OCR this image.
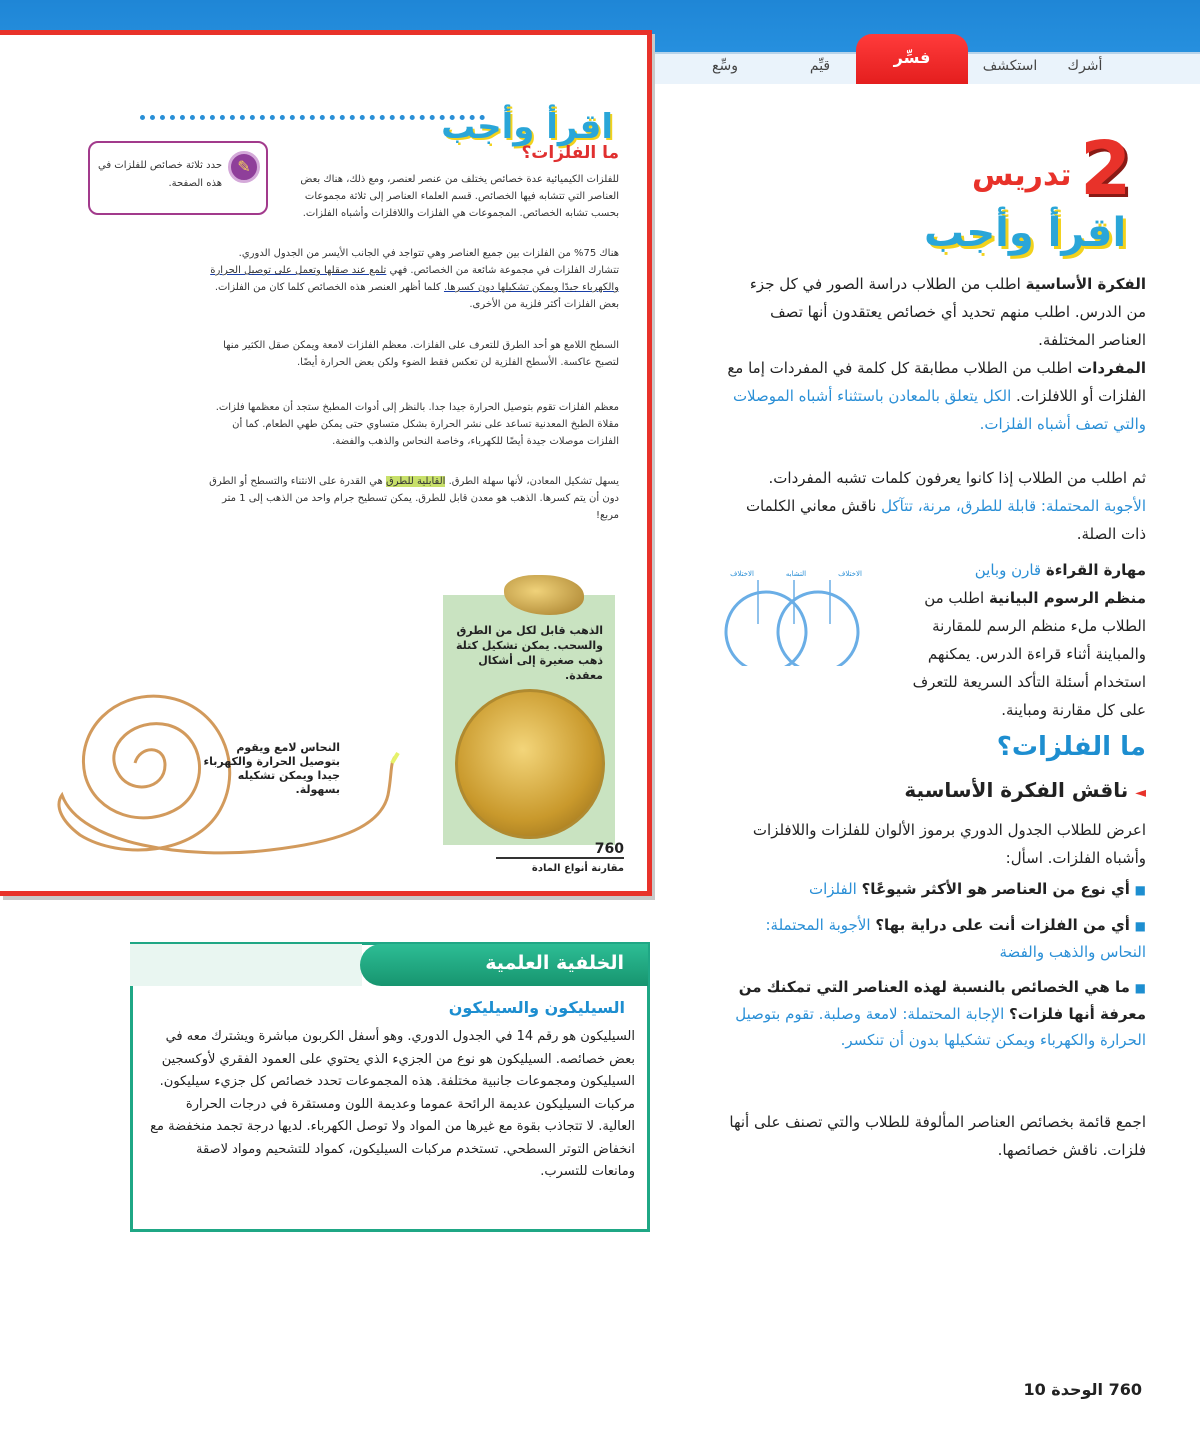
أشرك
استكشف
فسِّر
قيِّم
وسِّع
اقرأ وأجب
ما الفلزات؟
✎
حدد ثلاثة خصائص للفلزات في هذه الصفحة.	للفلزات الكيميائية عدة خصائص يختلف من عنصر لعنصر، ومع ذلك، هناك بعض العناصر التي تتشابه فيها الخصائص. قسم العلماء العناصر إلى ثلاثة مجموعات بحسب تشابه الخصائص. المجموعات هي الفلزات واللافلزات وأشباه الفلزات.
هناك 75% من الفلزات بين جميع العناصر وهي تتواجد في الجانب الأيسر من الجدول الدوري. تتشارك الفلزات في مجموعة شائعة من الخصائص. فهي تلمع عند صقلها وتعمل على توصيل الحرارة والكهرباء جيدًا ويمكن تشكيلها دون كسرها. كلما أظهر العنصر هذه الخصائص كلما كان من الفلزات. بعض الفلزات أكثر فلزية من الأخرى.
السطح اللامع هو أحد الطرق للتعرف على الفلزات. معظم الفلزات لامعة ويمكن صقل الكثير منها لتصبح عاكسة. الأسطح الفلزية لن تعكس فقط الضوء ولكن بعض الحرارة أيضًا.
معظم الفلزات تقوم بتوصيل الحرارة جيدا جدا. بالنظر إلى أدوات المطبخ ستجد أن معظمها فلزات. مقلاة الطبخ المعدنية تساعد على نشر الحرارة بشكل متساوي حتى يمكن طهي الطعام. كما أن الفلزات موصلات جيدة أيضًا للكهرباء، وخاصة النحاس والذهب والفضة.
يسهل تشكيل المعادن، لأنها سهلة الطرق. القابلية للطرق هي القدرة على الانثناء والتسطح أو الطرق دون أن يتم كسرها. الذهب هو معدن قابل للطرق. يمكن تسطيح جرام واحد من الذهب إلى 1 متر مربع!
الذهب قابل لكل من الطرق والسحب. يمكن تشكيل كتلة ذهب صغيرة إلى أشكال معقدة.
النحاس لامع ويقوم بتوصيل الحرارة والكهرباء جيدا ويمكن تشكيله بسهولة.
760
مقارنة أنواع المادة
الخلفية العلمية
السيليكون والسيليكون
السيليكون هو رقم 14 في الجدول الدوري. وهو أسفل الكربون مباشرة ويشترك معه في بعض خصائصه. السيليكون هو نوع من الجزيء الذي يحتوي على العمود الفقري لأوكسجين السيليكون ومجموعات جانبية مختلفة. هذه المجموعات تحدد خصائص كل جزيء سيليكون. مركبات السيليكون عديمة الرائحة عموما وعديمة اللون ومستقرة في درجات الحرارة العالية. لا تتجاذب بقوة مع غيرها من المواد ولا توصل الكهرباء. لديها درجة تجمد منخفضة مع انخفاض التوتر السطحي. تستخدم مركبات السيليكون، كمواد للتشحيم ومواد لاصقة ومانعات للتسرب.
2
تدريس
اقرأ وأجب
الفكرة الأساسية اطلب من الطلاب دراسة الصور في كل جزء من الدرس. اطلب منهم تحديد أي خصائص يعتقدون أنها تصف العناصر المختلفة.
المفردات اطلب من الطلاب مطابقة كل كلمة في المفردات إما مع الفلزات أو اللافلزات. الكل يتعلق بالمعادن باستثناء أشباه الموصلات والتي تصف أشباه الفلزات.
ثم اطلب من الطلاب إذا كانوا يعرفون كلمات تشبه المفردات. الأجوبة المحتملة: قابلة للطرق، مرنة، تتآكل ناقش معاني الكلمات ذات الصلة.
مهارة القراءة قارن وباين
منظم الرسوم البيانية اطلب من الطلاب ملء منظم الرسم للمقارنة والمباينة أثناء قراءة الدرس. يمكنهم استخدام أسئلة التأكد السريعة للتعرف على كل مقارنة ومباينة.
الاختلاف	التشابه	الاختلاف
ما الفلزات؟
◄ ناقش الفكرة الأساسية
اعرض للطلاب الجدول الدوري برموز الألوان للفلزات واللافلزات وأشباه الفلزات. اسأل:
■ أي نوع من العناصر هو الأكثر شيوعًا؟ الفلزات
■ أي من الفلزات أنت على دراية بها؟ الأجوبة المحتملة: النحاس والذهب والفضة
■ ما هي الخصائص بالنسبة لهذه العناصر التي تمكنك من معرفة أنها فلزات؟ الإجابة المحتملة: لامعة وصلبة. تقوم بتوصيل الحرارة والكهرباء ويمكن تشكيلها بدون أن تنكسر.
اجمع قائمة بخصائص العناصر المألوفة للطلاب والتي تصنف على أنها فلزات. ناقش خصائصها.
760 الوحدة 10
